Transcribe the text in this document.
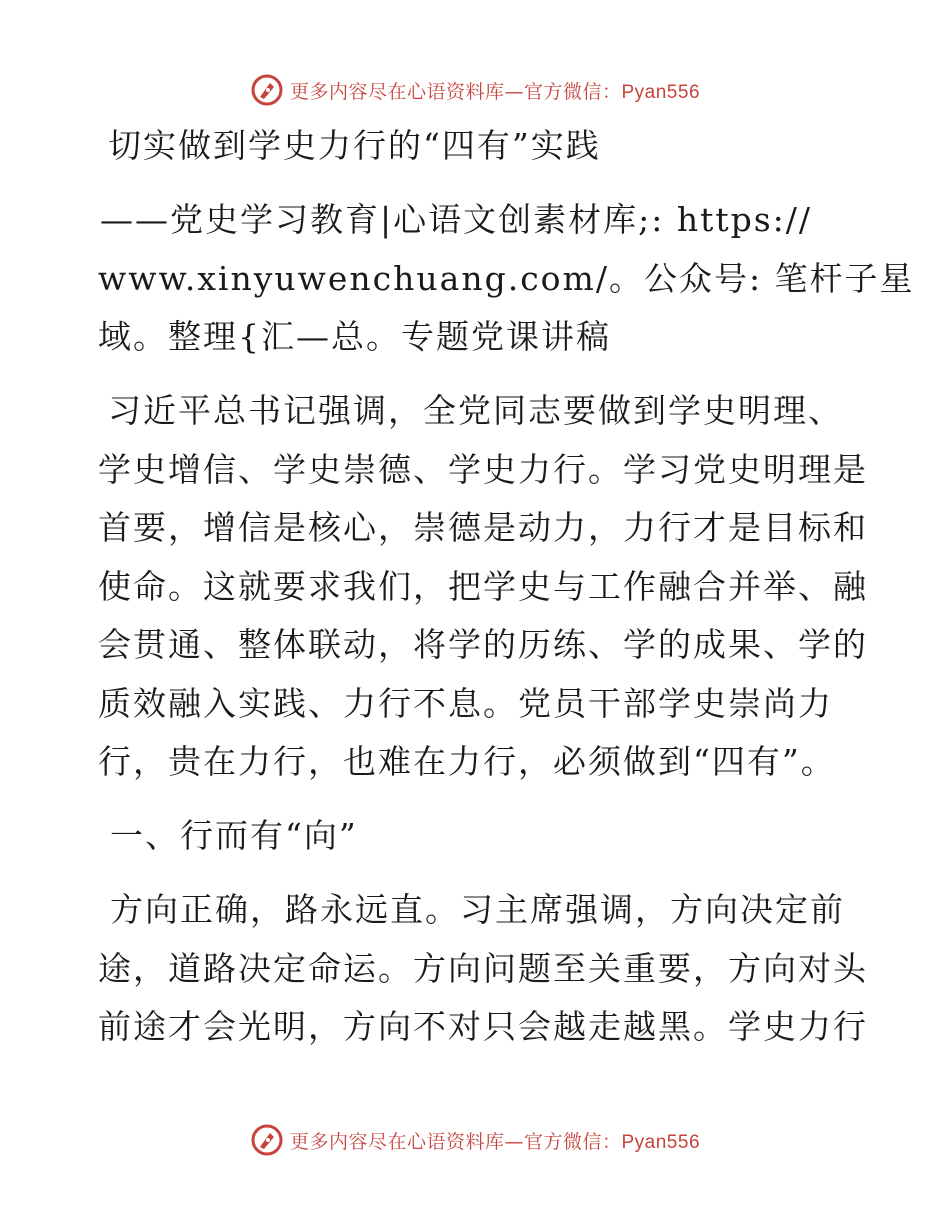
更多内容尽在心语资料库—官方微信：Pyan556
切实做到学史力行的“四有”实践
——党史学习教育|心语文创素材库;: https://
www.xinyuwenchuang.com/。公众号: 笔杆子星
域。整理{汇—总。专题党课讲稿
习近平总书记强调，全党同志要做到学史明理、
学史增信、学史崇德、学史力行。学习党史明理是
首要，增信是核心，崇德是动力，力行才是目标和
使命。这就要求我们，把学史与工作融合并举、融
会贯通、整体联动，将学的历练、学的成果、学的
质效融入实践、力行不息。党员干部学史崇尚力
行，贵在力行，也难在力行，必须做到“四有”。
一、行而有“向”
方向正确，路永远直。习主席强调，方向决定前
途，道路决定命运。方向问题至关重要，方向对头
前途才会光明，方向不对只会越走越黑。学史力行
更多内容尽在心语资料库—官方微信：Pyan556
